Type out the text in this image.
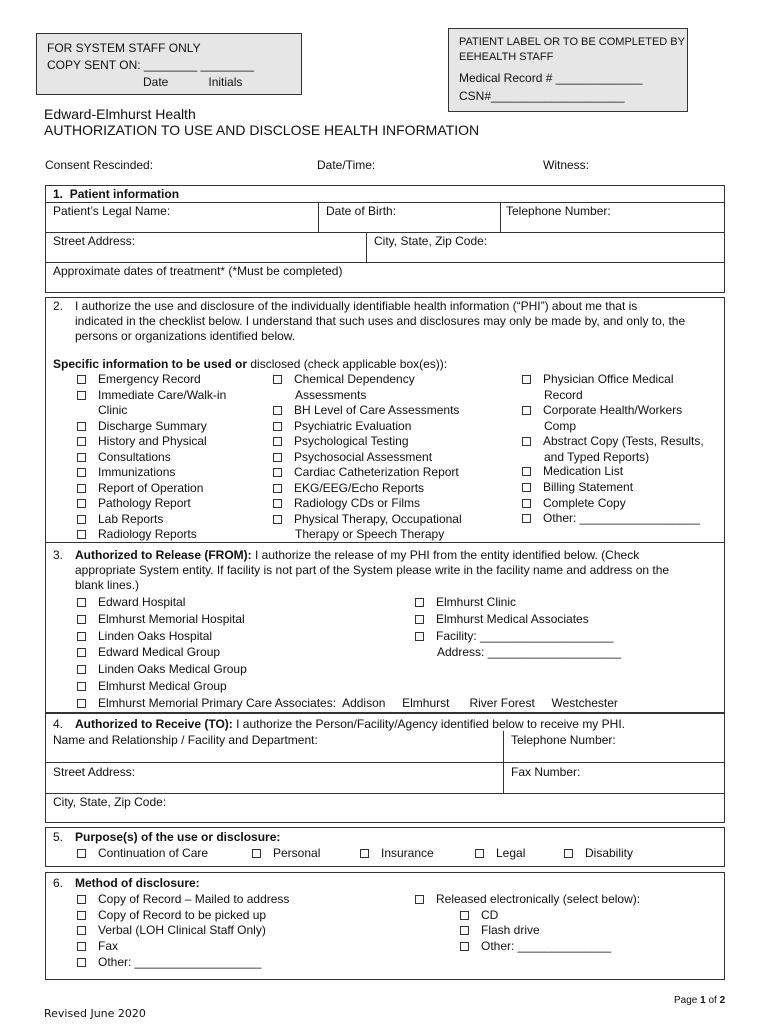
FOR SYSTEM STAFF ONLY
COPY SENT ON: ________ ________
Date            Initials
PATIENT LABEL OR TO BE COMPLETED BY
EEHEALTH STAFF
Medical Record # _____________
CSN#____________________
Edward-Elmhurst Health
AUTHORIZATION TO USE AND DISCLOSE HEALTH INFORMATION
Consent Rescinded:	Date/Time:	Witness:
1. Patient information
Patient’s Legal Name:	Date of Birth:	Telephone Number:
Street Address:	City, State, Zip Code:
Approximate dates of treatment* (*Must be completed)
2. I authorize the use and disclosure of the individually identifiable health information (“PHI”) about me that is
indicated in the checklist below. I understand that such uses and disclosures may only be made by, and only to, the
persons or organizations identified below.
Specific information to be used or disclosed (check applicable box(es)):
Emergency Record
Immediate Care/Walk-in
Clinic
Discharge Summary
History and Physical
Consultations
Immunizations
Report of Operation
Pathology Report
Lab Reports
Radiology Reports
Chemical Dependency
Assessments
BH Level of Care Assessments
Psychiatric Evaluation
Psychological Testing
Psychosocial Assessment
Cardiac Catheterization Report
EKG/EEG/Echo Reports
Radiology CDs or Films
Physical Therapy, Occupational
Therapy or Speech Therapy
Physician Office Medical
Record
Corporate Health/Workers
Comp
Abstract Copy (Tests, Results,
and Typed Reports)
Medication List
Billing Statement
Complete Copy
Other: __________________
3. Authorized to Release (FROM): I authorize the release of my PHI from the entity identified below. (Check
appropriate System entity. If facility is not part of the System please write in the facility name and address on the
blank lines.)
Edward Hospital
Elmhurst Memorial Hospital
Linden Oaks Hospital
Edward Medical Group
Linden Oaks Medical Group
Elmhurst Medical Group
Elmhurst Memorial Primary Care Associates:  Addison     Elmhurst      River Forest     Westchester
Elmhurst Clinic
Elmhurst Medical Associates
Facility: ____________________
Address: ____________________
4. Authorized to Receive (TO): I authorize the Person/Facility/Agency identified below to receive my PHI.
Name and Relationship / Facility and Department:	Telephone Number:
Street Address:	Fax Number:
City, State, Zip Code:
5. Purpose(s) of the use or disclosure:
Continuation of Care	Personal	Insurance	Legal	Disability
6. Method of disclosure:
Copy of Record – Mailed to address
Copy of Record to be picked up
Verbal (LOH Clinical Staff Only)
Fax
Other: ___________________
Released electronically (select below):
CD
Flash drive
Other: ______________
Page 1 of 2
Revised June 2020
